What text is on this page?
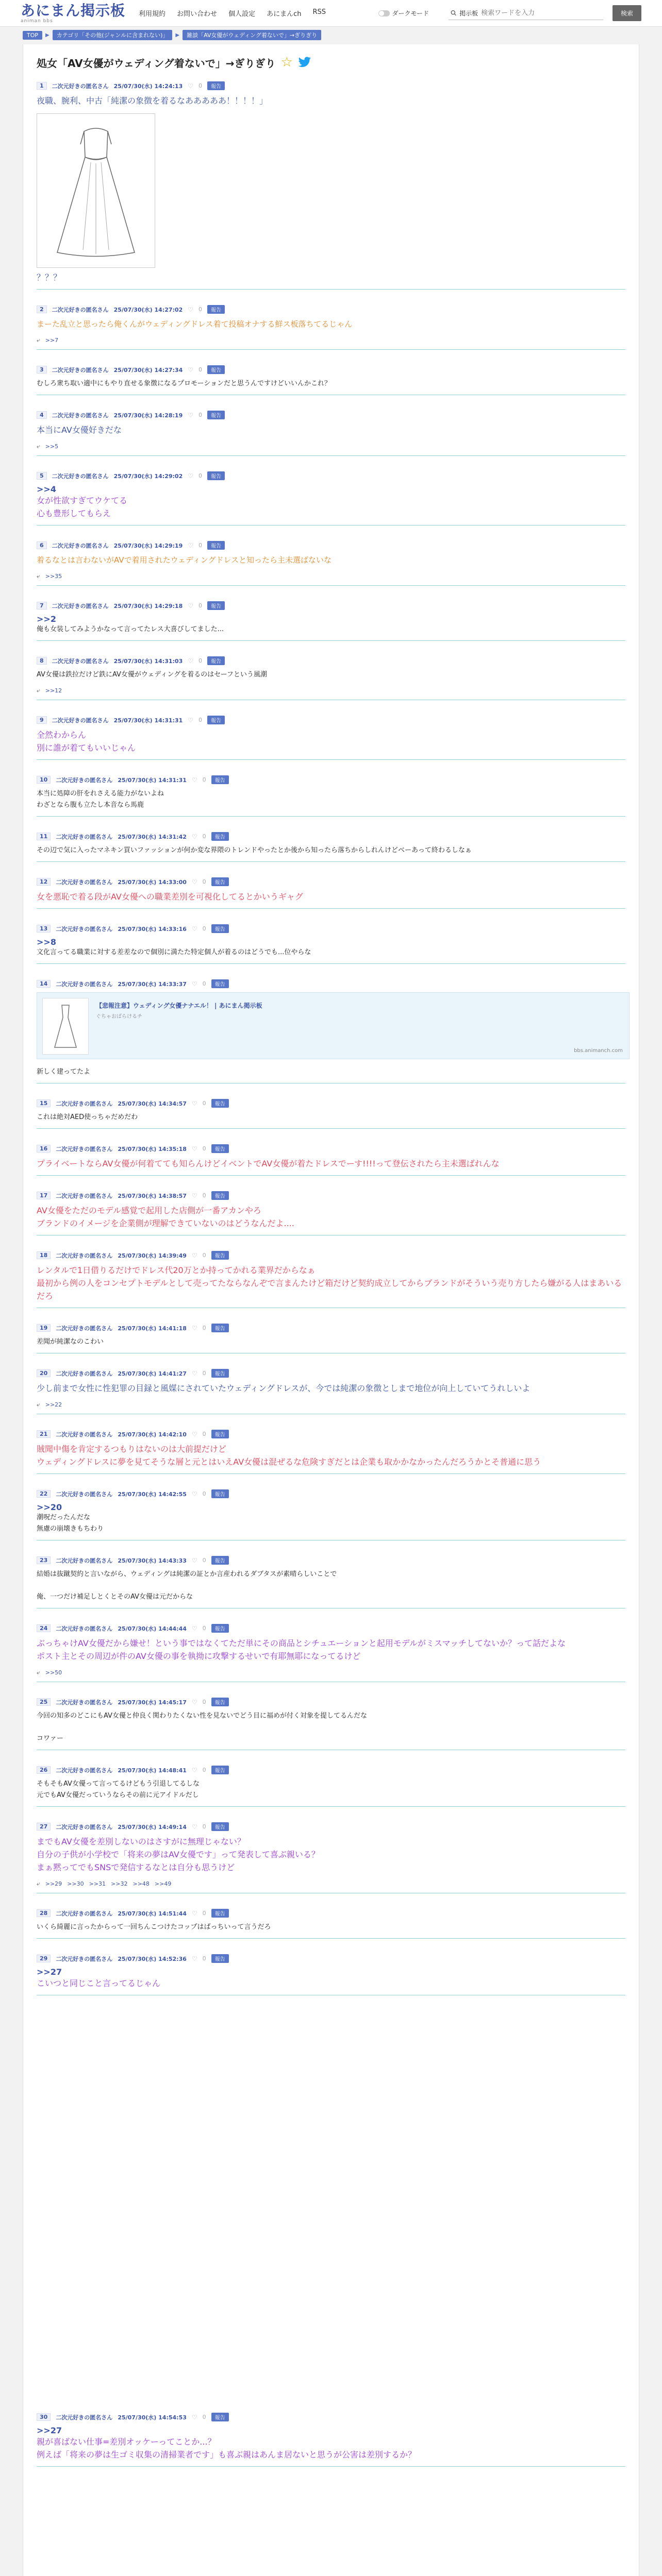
あにまん掲示板
animan bbs
利用規約 お問い合わせ 個人設定 あにまんch RSS	ダークモード	掲示板
検索ワードを入力	検索
TOP	▶	カテゴリ「その他(ジャンルに含まれない)」	▶	雑談「AV女優がウェディング着ないで」→ぎりぎり
処女「AV女優がウェディング着ないで」→ぎりぎり ☆
1	二次元好きの匿名さん 25/07/30(水) 14:24:13 ♡ 0	報告
夜職、腕利、中古「純潔の象徴を着るなあああああ！！！！」
？？？
2	二次元好きの匿名さん 25/07/30(水) 14:27:02 ♡ 0	報告
まーた乱立と思ったら俺くんがウェディングドレス着て投稿オナする鮮ス板落ちてるじゃん
⤶ >>7
3	二次元好きの匿名さん 25/07/30(水) 14:27:34 ♡ 0	報告
むしろ衆ち取い適中にもやり直せる象徴になるプロモーションだと思うんですけどいいんかこれ？
4	二次元好きの匿名さん 25/07/30(水) 14:28:19 ♡ 0	報告
本当にAV女優好きだな
⤶ >>5
5	二次元好きの匿名さん 25/07/30(水) 14:29:02 ♡ 0	報告
>>4
女が性欲すぎてウケてる
心も豊形してもらえ
6	二次元好きの匿名さん 25/07/30(水) 14:29:19 ♡ 0	報告
着るなとは言わないがAVで着用されたウェディングドレスと知ったら主未選ばないな
⤶ >>35
7	二次元好きの匿名さん 25/07/30(水) 14:29:18 ♡ 0	報告
>>2
俺も女装してみようかなって言ってたレス大喜びしてました...
8	二次元好きの匿名さん 25/07/30(水) 14:31:03 ♡ 0	報告
AV女優は鉄拉だけど鉄にAV女優がウェディングを着るのはセーフという風潮
⤶ >>12
9	二次元好きの匿名さん 25/07/30(水) 14:31:31 ♡ 0	報告
全然わからん
別に誰が着てもいいじゃん
10	二次元好きの匿名さん 25/07/30(水) 14:31:31 ♡ 0	報告
本当に処障の肝をれさえる能力がないよね
わざとなら腹も立たし本音なら馬鹿
11	二次元好きの匿名さん 25/07/30(水) 14:31:42 ♡ 0	報告
その辺で気に入ったマネキン買いファッションが何か変な界隈のトレンドやったとか後から知ったら落ちからしれんけどベーあって終わるしなぁ
12	二次元好きの匿名さん 25/07/30(水) 14:33:00 ♡ 0	報告
女を悪恥で着る段がAV女優への職業差別を可視化してるとかいうギャグ
13	二次元好きの匿名さん 25/07/30(水) 14:33:16 ♡ 0	報告
>>8
文化言ってる職業に対する差差なので個別に満たた特定個人が着るのはどうでも...位やらな
14	二次元好きの匿名さん 25/07/30(水) 14:33:37 ♡ 0	報告
【悲報注意】ウェディング女優ナナエル！ | あにまん掲示板
ぐちゃおばらけるチ
bbs.animanch.com
新しく建ってたよ
15	二次元好きの匿名さん 25/07/30(水) 14:34:57 ♡ 0	報告
これは絶対AED使っちゃだめだわ
16	二次元好きの匿名さん 25/07/30(水) 14:35:18 ♡ 0	報告
プライベートならAV女優が何着てても知らんけどイベントでAV女優が着たドレスでーす!!!!って登伝されたら主未選ばれんな
17	二次元好きの匿名さん 25/07/30(水) 14:38:57 ♡ 0	報告
AV女優をただのモデル感覚で起用した店側が一番アカンやろ
ブランドのイメージを企業側が理解できていないのはどうなんだよ....
18	二次元好きの匿名さん 25/07/30(水) 14:39:49 ♡ 0	報告
レンタルで1日借りるだけでドレス代20万とか持ってかれる業界だからなぁ
最初から例の人をコンセプトモデルとして売ってたならなんぞで言まんたけど箱だけど契約成立してからブランドがそういう売り方したら嫌がる人はまあいるだろ
19	二次元好きの匿名さん 25/07/30(水) 14:41:18 ♡ 0	報告
差聞が純潔なのこわい
20	二次元好きの匿名さん 25/07/30(水) 14:41:27 ♡ 0	報告
少し前まで女性に性犯罪の目録と風媒にされていたウェディングドレスが、今では純潔の象徴としまで地位が向上していてうれしいよ
⤶ >>22
21	二次元好きの匿名さん 25/07/30(水) 14:42:10 ♡ 0	報告
賊聞中傷を肯定するつもりはないのは大前提だけど
ウェディングドレスに夢を見てそうな層と元とはいえAV女優は混ぜるな危険すぎだとは企業も取かかなかったんだろうかとそ普通に思う
22	二次元好きの匿名さん 25/07/30(水) 14:42:55 ♡ 0	報告
>>20
潮呪だったんだな
無慮の崩壊きもちわり
23	二次元好きの匿名さん 25/07/30(水) 14:43:33 ♡ 0	報告
結婚は抜蹴契約と言いながら、ウェディングは純潔の証とか言産われるダブタスが素晴らしいことで

俺、一つだけ補足しとくとそのAV女優は元だからな
24	二次元好きの匿名さん 25/07/30(水) 14:44:44 ♡ 0	報告
ぶっちゃけAV女優だから嫌せ！という事ではなくてただ単にその商品とシチュエーションと起用モデルがミスマッチしてないか？って話だよな
ポスト主とその周辺が件のAV女優の事を執拗に攻撃するせいで有耶無耶になってるけど
⤶ >>50
25	二次元好きの匿名さん 25/07/30(水) 14:45:17 ♡ 0	報告
今回の知多のどこにもAV女優と仲良く関わりたくない性を見ないでどう目に福めが付く対象を提してるんだな

コワァー
26	二次元好きの匿名さん 25/07/30(水) 14:48:41 ♡ 0	報告
そもそもAV女優って言ってるけどもう引退してるしな
元でもAV女優だっていうならその前に元アイドルだし
27	二次元好きの匿名さん 25/07/30(水) 14:49:14 ♡ 0	報告
までもAV女優を差別しないのはさすがに無理じゃない？
自分の子供が小学校で「将来の夢はAV女優です」って発表して喜ぶ親いる？
まぁ黙ってでもSNSで発信するなとは自分も思うけど
⤶ >>29 >>30 >>31 >>32 >>48 >>49
28	二次元好きの匿名さん 25/07/30(水) 14:51:44 ♡ 0	報告
いくら綺麗に言ったからって一回ちんこつけたコップはばっちいって言うだろ
29	二次元好きの匿名さん 25/07/30(水) 14:52:36 ♡ 0	報告
>>27
こいつと同じこと言ってるじゃん
30	二次元好きの匿名さん 25/07/30(水) 14:54:53 ♡ 0	報告
>>27
親が喜ばない仕事=差別オッケーってことか...？
例えば「将来の夢は生ゴミ収集の清掃業者です」も喜ぶ親はあんま居ないと思うが公害は差別するか？
